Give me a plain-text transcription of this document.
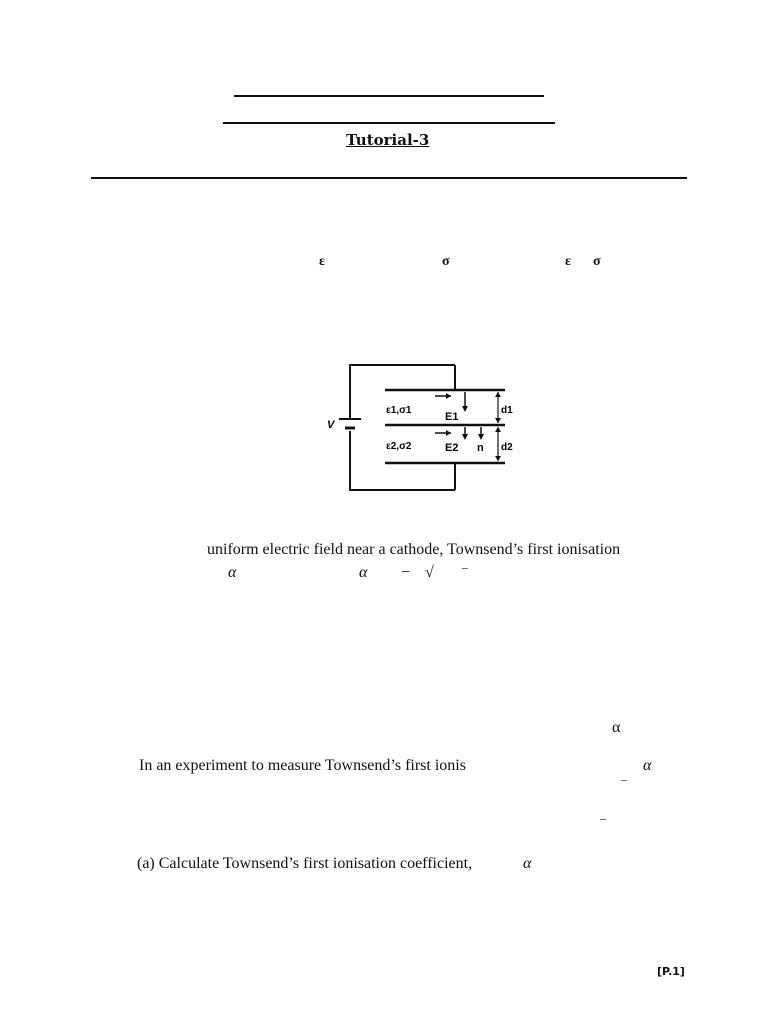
Tutorial-3
ε	σ	ε σ
V
ε1,σ1
E1
ε2,σ2	E2 n
d1
d2
uniform electric field near a cathode, Townsend’s first ionisation
α	α − √ –
α
In an experiment to measure Townsend’s first ionis	α
–
–
(a) Calculate Townsend’s first ionisation coefficient,	α
[P.1]
